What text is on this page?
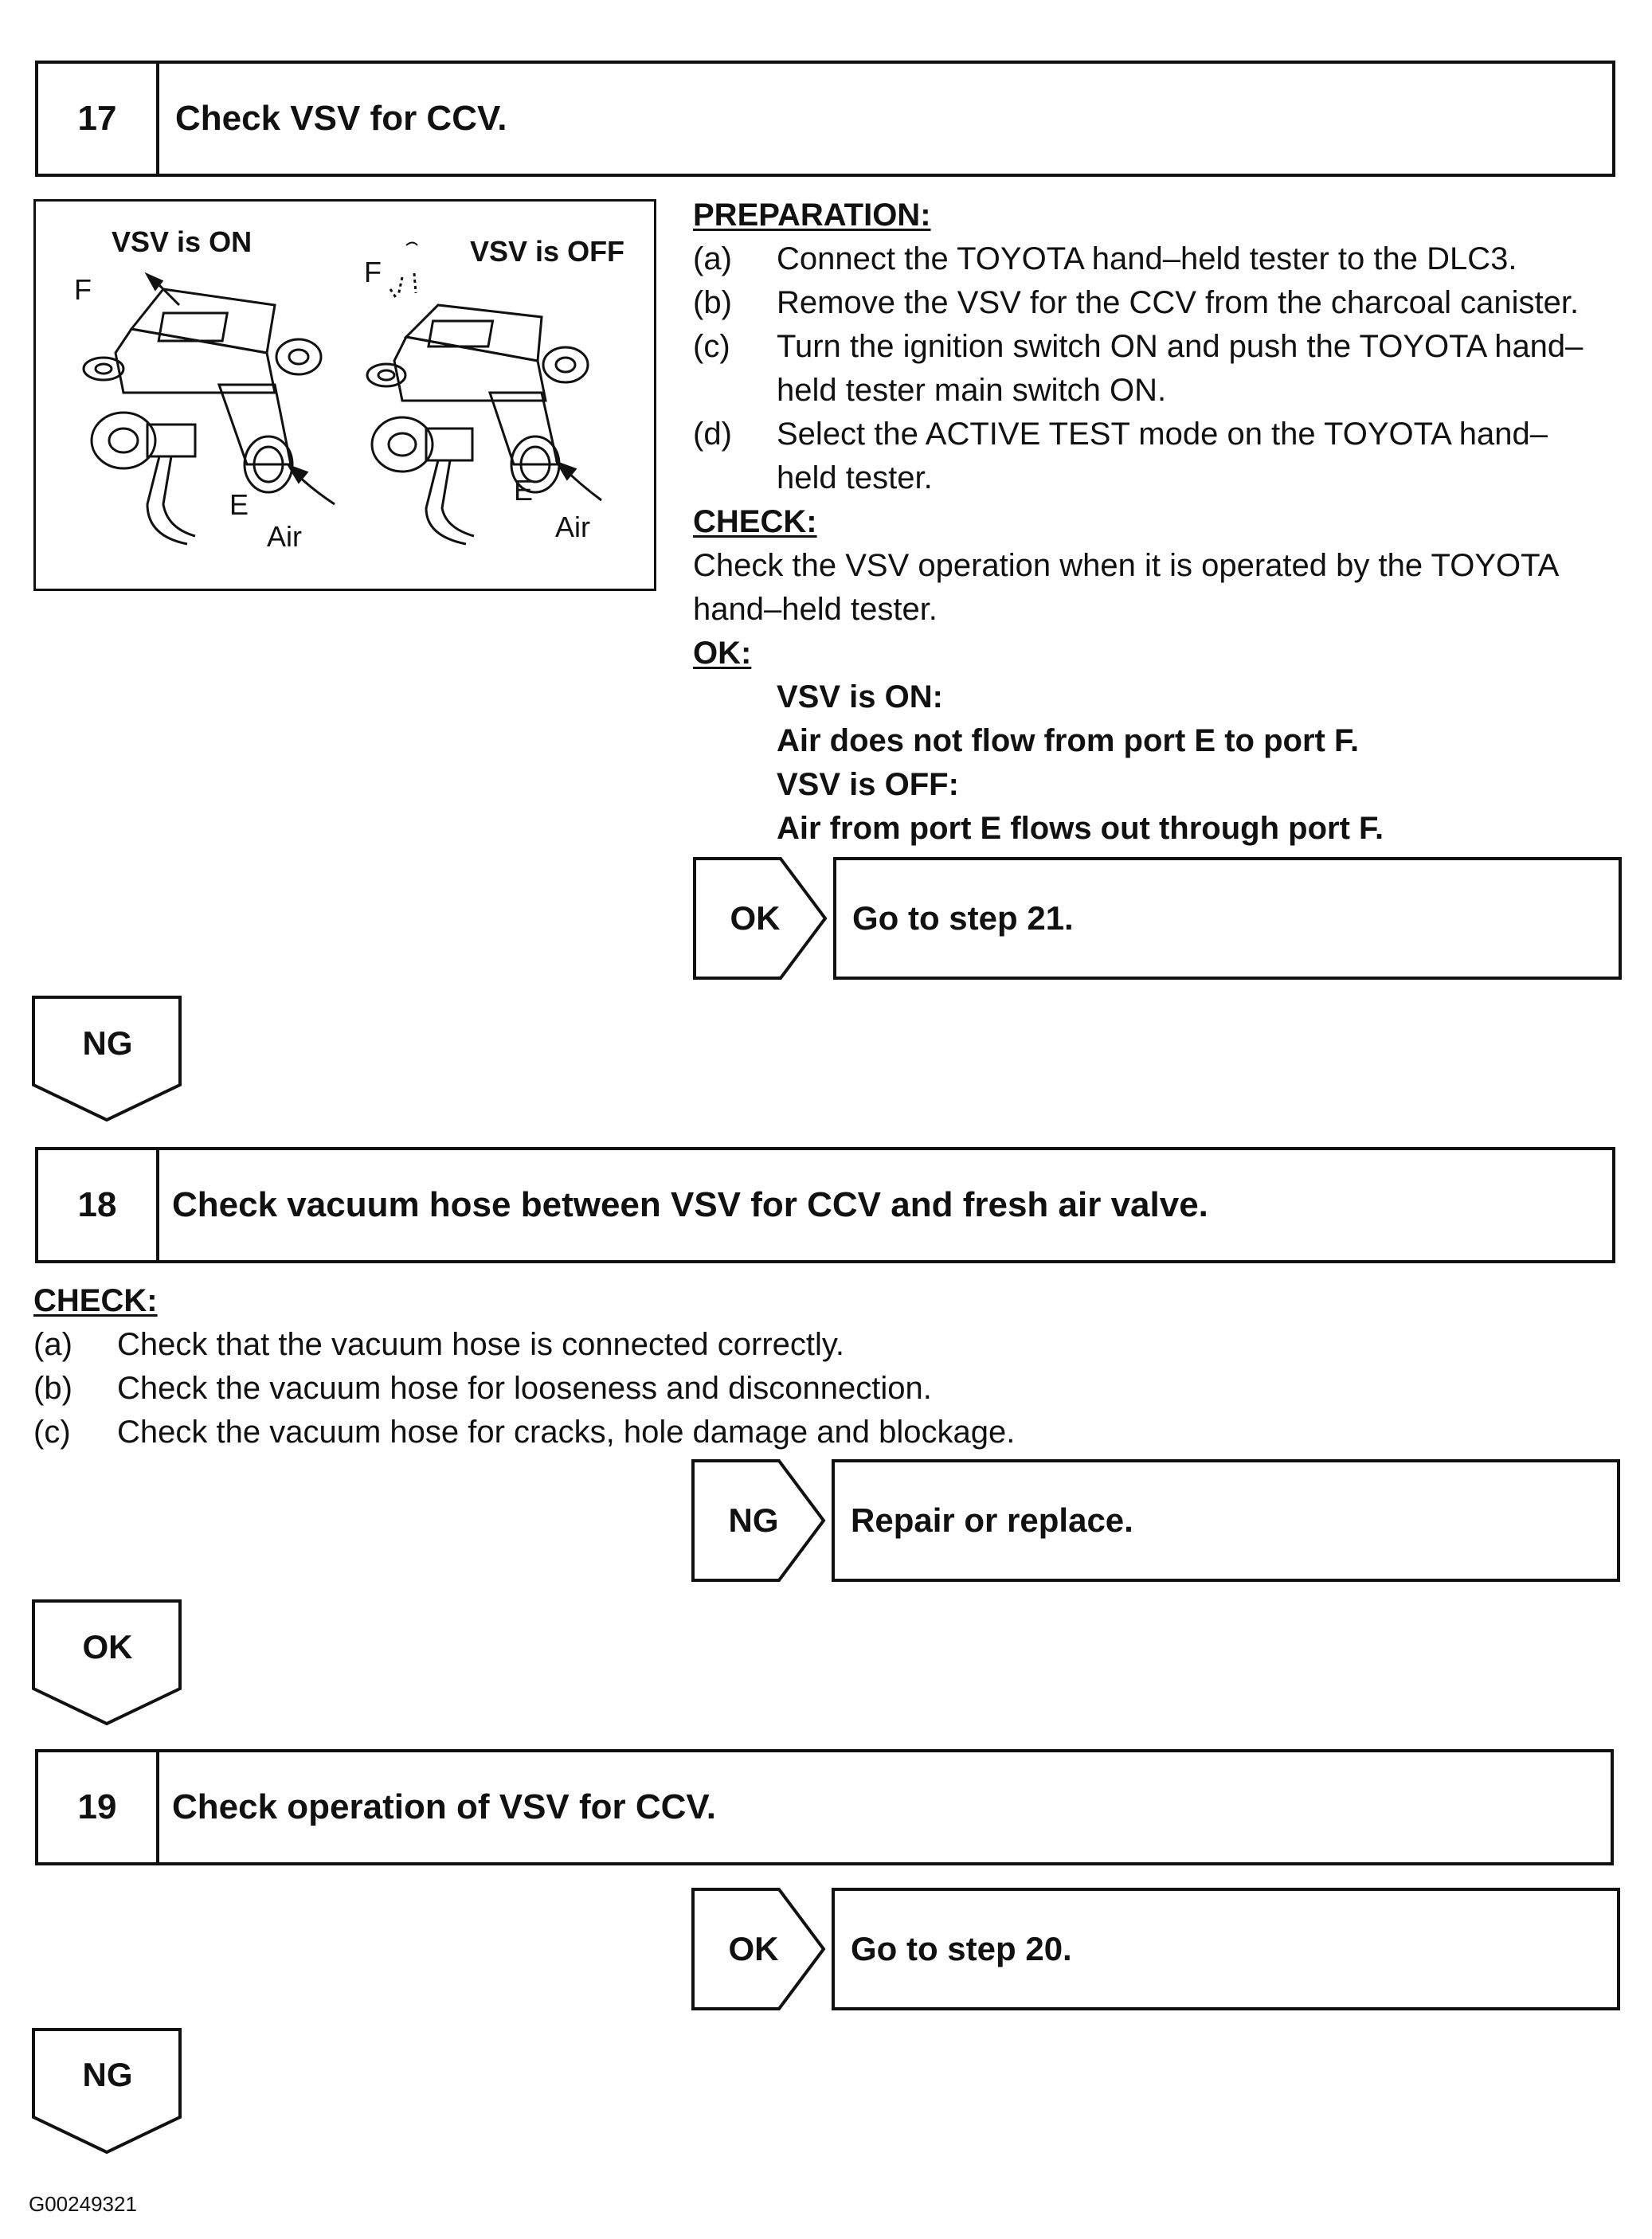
17	Check VSV for CCV.
VSV is ON	VSV is OFF
F
F
E	E
Air	Air
PREPARATION:
(a) Connect the TOYOTA hand–held tester to the DLC3.
(b) Remove the VSV for the CCV from the charcoal canister.
(c) Turn the ignition switch ON and push the TOYOTA hand–
held tester main switch ON.
(d) Select the ACTIVE TEST mode on the TOYOTA hand–
held tester.
CHECK:
Check the VSV operation when it is operated by the TOYOTA
hand–held tester.
OK:
VSV is ON:
Air does not flow from port E to port F.
VSV is OFF:
Air from port E flows out through port F.
OK	Go to step 21.
NG
18	Check vacuum hose between VSV for CCV and fresh air valve.
CHECK:
(a) Check that the vacuum hose is connected correctly.
(b) Check the vacuum hose for looseness and disconnection.
(c) Check the vacuum hose for cracks, hole damage and blockage.
NG	Repair or replace.
OK
19	Check operation of VSV for CCV.
OK	Go to step 20.
NG
G00249321
